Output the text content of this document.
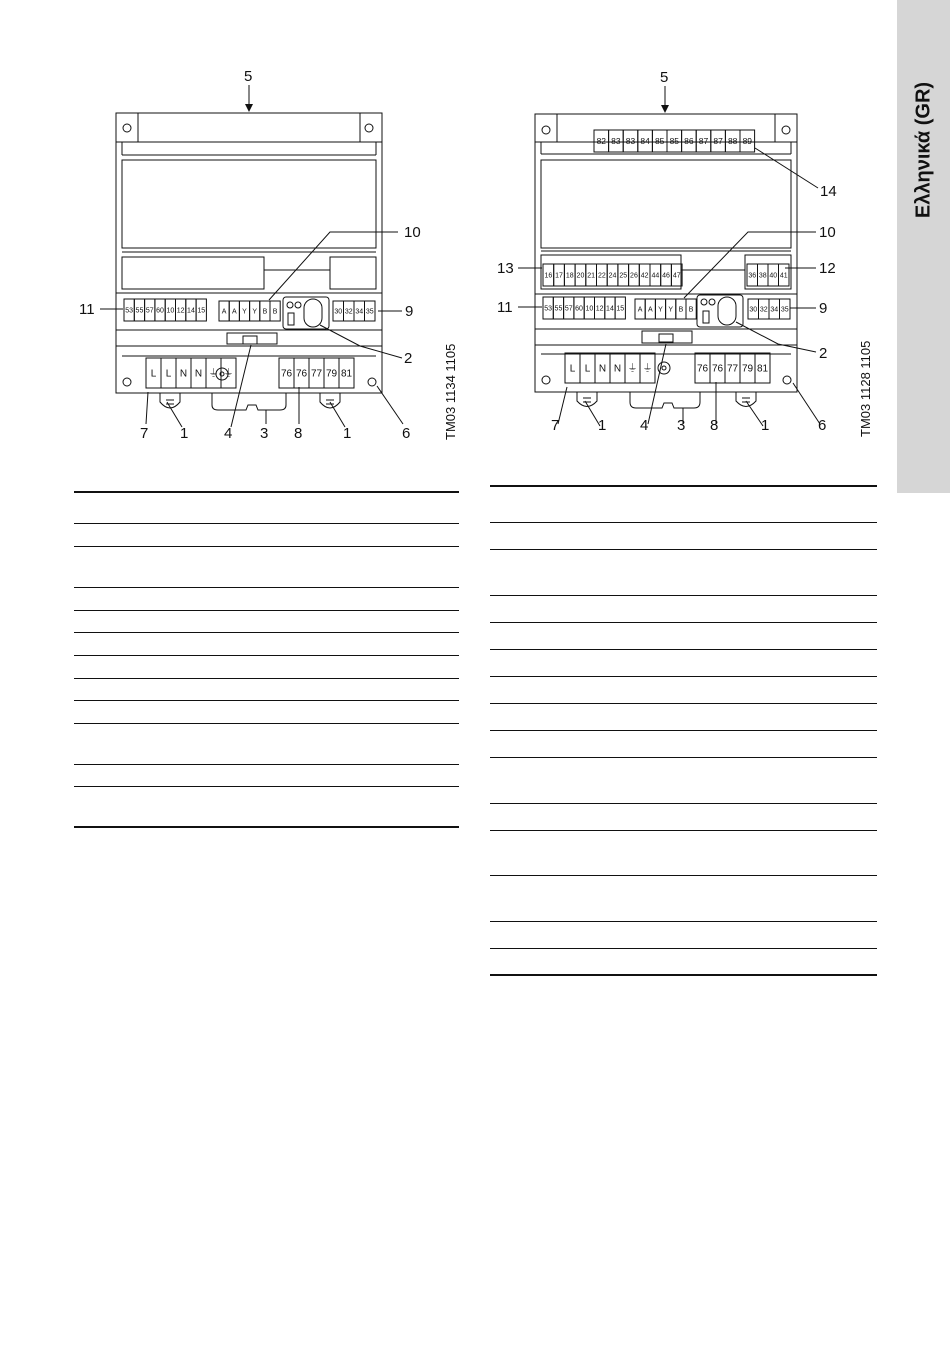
Ελληνικά (GR)
53 55 57 60 10 12 14 15 A A Y Y B B	30 32 34 35
L L N N ⏚ ⏚	76 76 77 79 81
5
11
10
9
2
7 1 4 3 8	1	6	TM03 1134 1105
82 83 83 84 85 85 86 87 87 88 89
16 17 18 20 21 22 24 25 26 42 44 46 47	36 38 40 41
53 55 57 60 10 12 14 15 A A Y Y B B	30 32 34 35
L L N N ⏚ ⏚	76 76 77 79 81
5
14
10
13	12
11	9
2
7	1 4 3 8	1	6 TM03 1128 1105
